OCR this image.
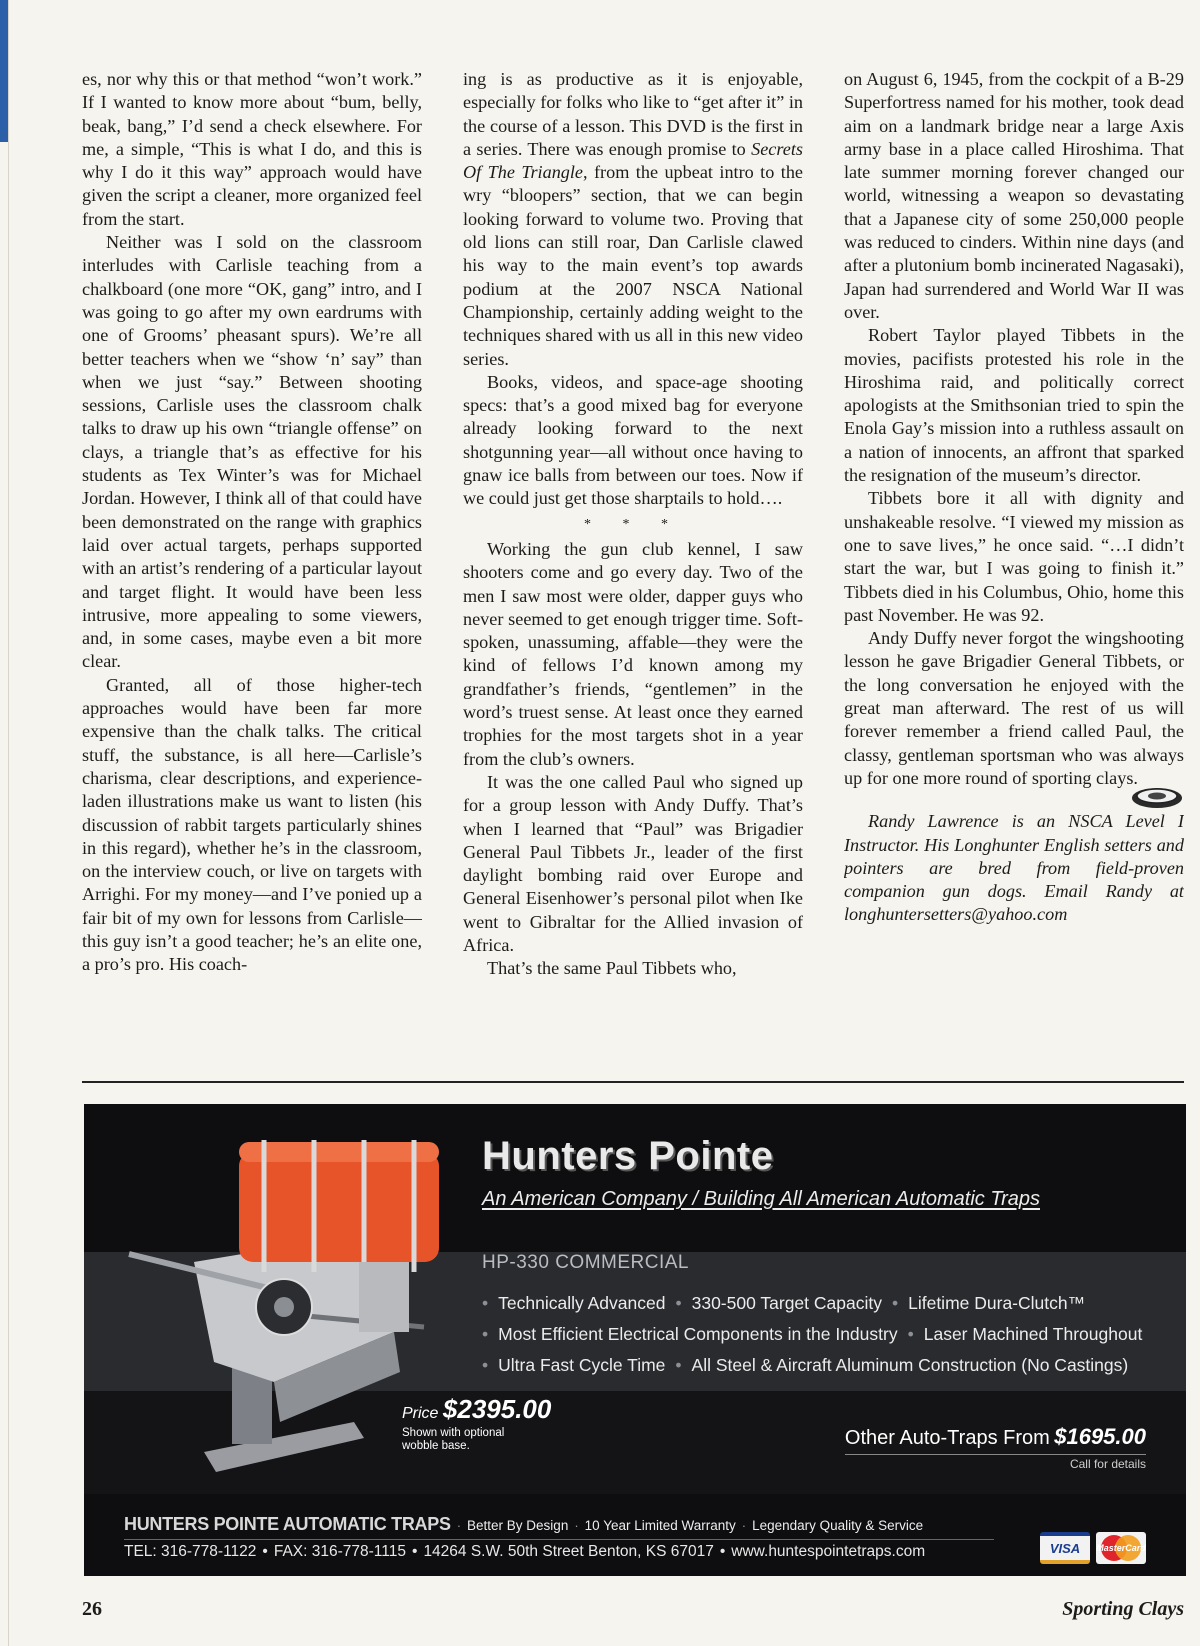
es, nor why this or that method “won’t work.” If I wanted to know more about “bum, belly, beak, bang,” I’d send a check elsewhere. For me, a simple, “This is what I do, and this is why I do it this way” approach would have given the script a cleaner, more organized feel from the start.

Neither was I sold on the classroom interludes with Carlisle teaching from a chalkboard (one more “OK, gang” intro, and I was going to go after my own eardrums with one of Grooms’ pheasant spurs). We’re all better teachers when we “show ‘n’ say” than when we just “say.” Between shooting sessions, Carlisle uses the classroom chalk talks to draw up his own “triangle offense” on clays, a triangle that’s as effective for his students as Tex Winter’s was for Michael Jordan. However, I think all of that could have been demonstrated on the range with graphics laid over actual targets, perhaps supported with an artist’s rendering of a particular layout and target flight. It would have been less intrusive, more appealing to some viewers, and, in some cases, maybe even a bit more clear.

Granted, all of those higher-tech approaches would have been far more expensive than the chalk talks. The critical stuff, the substance, is all here—Carlisle’s charisma, clear descriptions, and experience-laden illustrations make us want to listen (his discussion of rabbit targets particularly shines in this regard), whether he’s in the classroom, on the interview couch, or live on targets with Arrighi. For my money—and I’ve ponied up a fair bit of my own for lessons from Carlisle—this guy isn’t a good teacher; he’s an elite one, a pro’s pro. His coach-

ing is as productive as it is enjoyable, especially for folks who like to “get after it” in the course of a lesson. This DVD is the first in a series. There was enough promise to Secrets Of The Triangle, from the upbeat intro to the wry “bloopers” section, that we can begin looking forward to volume two. Proving that old lions can still roar, Dan Carlisle clawed his way to the main event’s top awards podium at the 2007 NSCA National Championship, certainly adding weight to the techniques shared with us all in this new video series.

Books, videos, and space-age shooting specs: that’s a good mixed bag for everyone already looking forward to the next shotgunning year—all without once having to gnaw ice balls from between our toes. Now if we could just get those sharptails to hold….

* * *

Working the gun club kennel, I saw shooters come and go every day. Two of the men I saw most were older, dapper guys who never seemed to get enough trigger time. Soft-spoken, unassuming, affable—they were the kind of fellows I’d known among my grandfather’s friends, “gentlemen” in the word’s truest sense. At least once they earned trophies for the most targets shot in a year from the club’s owners.

It was the one called Paul who signed up for a group lesson with Andy Duffy. That’s when I learned that “Paul” was Brigadier General Paul Tibbets Jr., leader of the first daylight bombing raid over Europe and General Eisenhower’s personal pilot when Ike went to Gibraltar for the Allied invasion of Africa.

That’s the same Paul Tibbets who,

on August 6, 1945, from the cockpit of a B-29 Superfortress named for his mother, took dead aim on a landmark bridge near a large Axis army base in a place called Hiroshima. That late summer morning forever changed our world, witnessing a weapon so devastating that a Japanese city of some 250,000 people was reduced to cinders. Within nine days (and after a plutonium bomb incinerated Nagasaki), Japan had surrendered and World War II was over.

Robert Taylor played Tibbets in the movies, pacifists protested his role in the Hiroshima raid, and politically correct apologists at the Smithsonian tried to spin the Enola Gay’s mission into a ruthless assault on a nation of innocents, an affront that sparked the resignation of the museum’s director.

Tibbets bore it all with dignity and unshakeable resolve. “I viewed my mission as one to save lives,” he once said. “…I didn’t start the war, but I was going to finish it.” Tibbets died in his Columbus, Ohio, home this past November. He was 92.

Andy Duffy never forgot the wingshooting lesson he gave Brigadier General Tibbets, or the long conversation he enjoyed with the great man afterward. The rest of us will forever remember a friend called Paul, the classy, gentleman sportsman who was always up for one more round of sporting clays.

Randy Lawrence is an NSCA Level I Instructor. His Longhunter English setters and pointers are bred from field-proven companion gun dogs. Email Randy at longhuntersetters@yahoo.com

Hunters Pointe
An American Company / Building All American Automatic Traps
HP-330 COMMERCIAL
• Technically Advanced • 330-500 Target Capacity • Lifetime Dura-Clutch™
• Most Efficient Electrical Components in the Industry • Laser Machined Throughout
• Ultra Fast Cycle Time • All Steel & Aircraft Aluminum Construction (No Castings)
Price $2395.00
Shown with optional wobble base.	Other Auto-Traps From $1695.00
Call for details
HUNTERS POINTE AUTOMATIC TRAPS · Better By Design · 10 Year Limited Warranty · Legendary Quality & Service
TEL: 316-778-1122 • FAX: 316-778-1115 • 14264 S.W. 50th Street Benton, KS 67017 • www.huntespointetraps.com	VISA	MasterCard
26	Sporting Clays
